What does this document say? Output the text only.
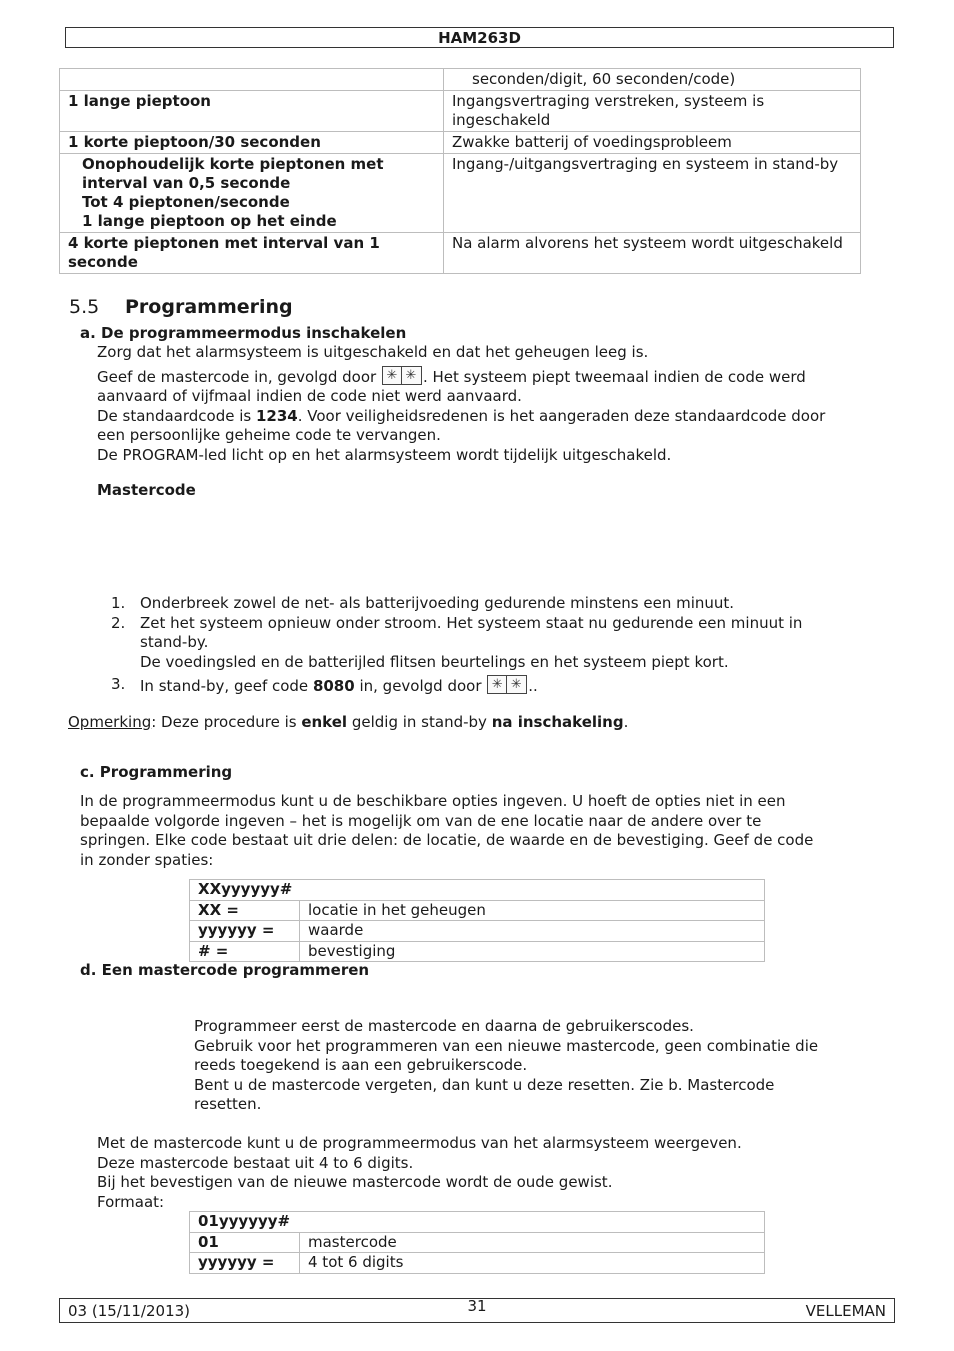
HAM263D
	seconden/digit, 60 seconden/code)
1 lange pieptoon	Ingangsvertraging verstreken, systeem is ingeschakeld
1 korte pieptoon/30 seconden	Zwakke batterij of voedingsprobleem

Onophoudelijk korte pieptonen met interval van 0,5 seconde
Tot 4 pieptonen/seconde
1 lange pieptoon op het einde	Ingang-/uitgangsvertraging en systeem in stand-by
4 korte pieptonen met interval van 1 seconde	Na alarm alvorens het systeem wordt uitgeschakeld
5.5 Programmering
a. De programmeermodus inschakelen
Zorg dat het alarmsysteem is uitgeschakeld en dat het geheugen leeg is.
Geef de mastercode in, gevolgd door ✳ ✳ . Het systeem piept tweemaal indien de code werd
aanvaard of vijfmaal indien de code niet werd aanvaard.
De standaardcode is 1234. Voor veiligheidsredenen is het aangeraden deze standaardcode door
een persoonlijke geheime code te vervangen.
De PROGRAM-led licht op en het alarmsysteem wordt tijdelijk uitgeschakeld.
Mastercode
1. Onderbreek zowel de net- als batterijvoeding gedurende minstens een minuut.
2. Zet het systeem opnieuw onder stroom. Het systeem staat nu gedurende een minuut in
stand-by.
De voedingsled en de batterijled flitsen beurtelings en het systeem piept kort.
3. In stand-by, geef code 8080 in, gevolgd door ✳ ✳ ..
Opmerking: Deze procedure is enkel geldig in stand-by na inschakeling.
c. Programmering
In de programmeermodus kunt u de beschikbare opties ingeven. U hoeft de opties niet in een
bepaalde volgorde ingeven – het is mogelijk om van de ene locatie naar de andere over te
springen. Elke code bestaat uit drie delen: de locatie, de waarde en de bevestiging. Geef de code
in zonder spaties:
XXyyyyyy#	
XX =	locatie in het geheugen
yyyyyy =	waarde
# =	bevestiging
d. Een mastercode programmeren
Programmeer eerst de mastercode en daarna de gebruikerscodes.
Gebruik voor het programmeren van een nieuwe mastercode, geen combinatie die
reeds toegekend is aan een gebruikerscode.
Bent u de mastercode vergeten, dan kunt u deze resetten. Zie b. Mastercode
resetten.
Met de mastercode kunt u de programmeermodus van het alarmsysteem weergeven.
Deze mastercode bestaat uit 4 to 6 digits.
Bij het bevestigen van de nieuwe mastercode wordt de oude gewist.
Formaat:
01yyyyyy#	
01	mastercode
yyyyyy =	4 tot 6 digits
03 (15/11/2013)	31	VELLEMAN
